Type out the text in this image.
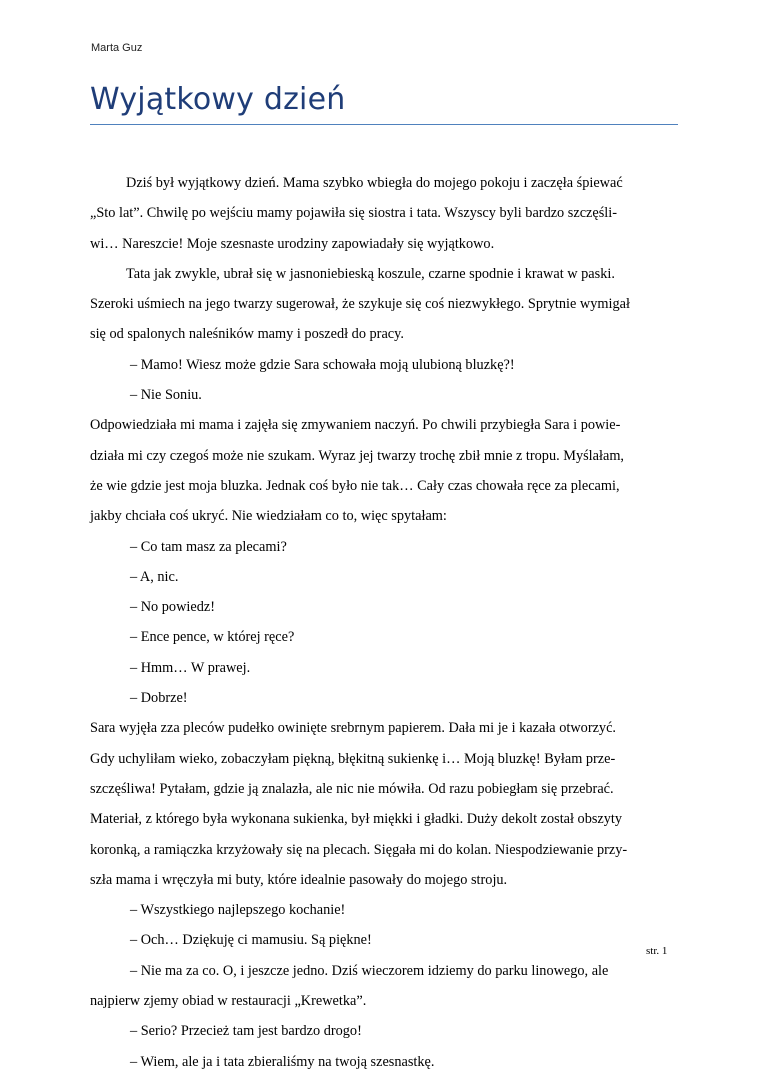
Marta Guz
Wyjątkowy dzień
Dziś był wyjątkowy dzień. Mama szybko wbiegła do mojego pokoju i zaczęła śpiewać
„Sto lat”. Chwilę po wejściu mamy pojawiła się siostra i tata. Wszyscy byli bardzo szczęśli-
wi… Nareszcie! Moje szesnaste urodziny zapowiadały się wyjątkowo.
Tata jak zwykle, ubrał się w jasnoniebieską koszule, czarne spodnie i krawat w paski.
Szeroki uśmiech na jego twarzy sugerował, że szykuje się coś niezwykłego. Sprytnie wymigał
się od spalonych naleśników mamy i poszedł do pracy.
– Mamo! Wiesz może gdzie Sara schowała moją ulubioną bluzkę?!
– Nie Soniu.
Odpowiedziała mi mama i zajęła się zmywaniem naczyń. Po chwili przybiegła Sara i powie-
działa mi czy czegoś może nie szukam. Wyraz jej twarzy trochę zbił mnie z tropu. Myślałam,
że wie gdzie jest moja bluzka. Jednak coś było nie tak… Cały czas chowała ręce za plecami,
jakby chciała coś ukryć. Nie wiedziałam co to, więc spytałam:
– Co tam masz za plecami?
– A, nic.
– No powiedz!
– Ence pence, w której ręce?
– Hmm… W prawej.
– Dobrze!
Sara wyjęła zza pleców pudełko owinięte srebrnym papierem. Dała mi je i kazała otworzyć.
Gdy uchyliłam wieko, zobaczyłam piękną, błękitną sukienkę i… Moją bluzkę! Byłam prze-
szczęśliwa! Pytałam, gdzie ją znalazła, ale nic nie mówiła. Od razu pobiegłam się przebrać.
Materiał, z którego była wykonana sukienka, był miękki i gładki. Duży dekolt został obszyty
koronką, a ramiączka krzyżowały się na plecach. Sięgała mi do kolan. Niespodziewanie przy-
szła mama i wręczyła mi buty, które idealnie pasowały do mojego stroju.
– Wszystkiego najlepszego kochanie!
– Och… Dziękuję ci mamusiu. Są piękne!
– Nie ma za co. O, i jeszcze jedno. Dziś wieczorem idziemy do parku linowego, ale
najpierw zjemy obiad w restauracji „Krewetka”.
– Serio? Przecież tam jest bardzo drogo!
– Wiem, ale ja i tata zbieraliśmy na twoją szesnastkę.
str. 1
